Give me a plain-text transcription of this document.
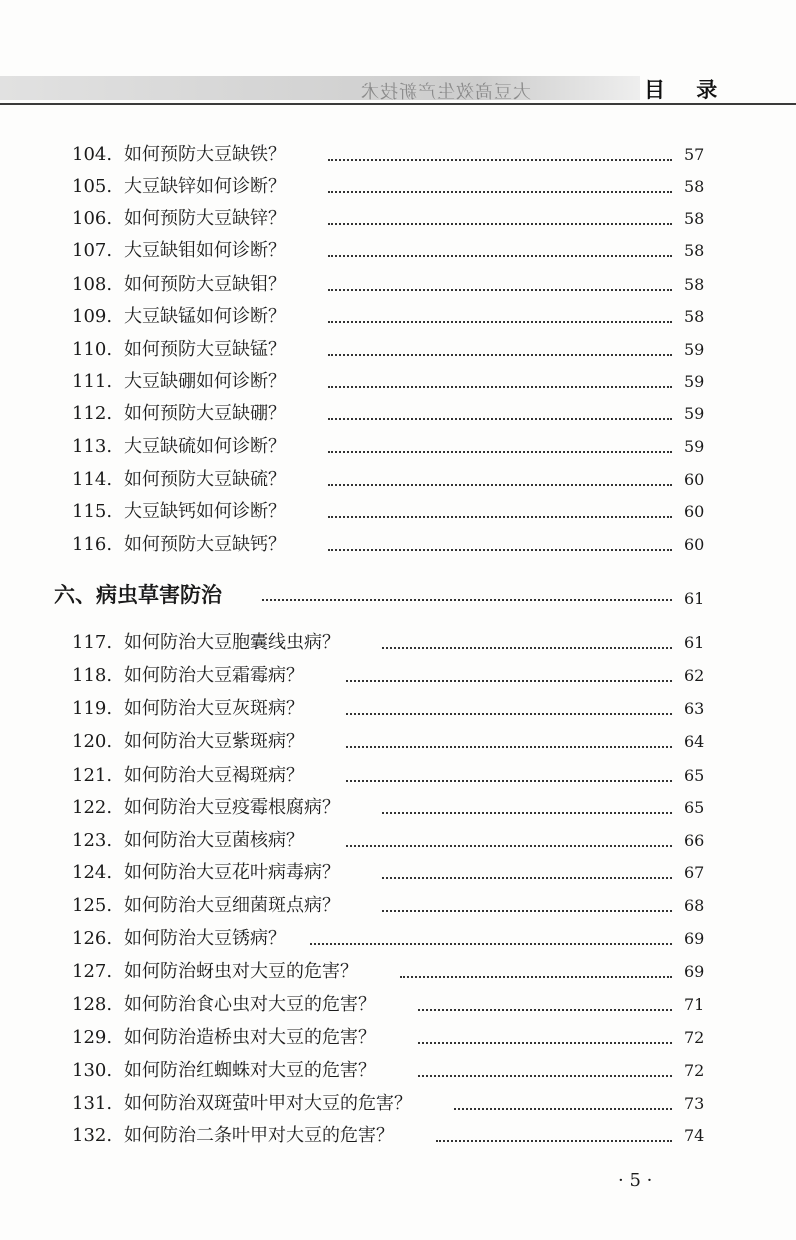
大豆高效生产新技术	目 录
104. 如何预防大豆缺铁？	57
105. 大豆缺锌如何诊断？	58
106. 如何预防大豆缺锌？	58
107. 大豆缺钼如何诊断？	58
108. 如何预防大豆缺钼？	58
109. 大豆缺锰如何诊断？	58
110. 如何预防大豆缺锰？	59
111. 大豆缺硼如何诊断？	59
112. 如何预防大豆缺硼？	59
113. 大豆缺硫如何诊断？	59
114. 如何预防大豆缺硫？	60
115. 大豆缺钙如何诊断？	60
116. 如何预防大豆缺钙？	60
六、病虫草害防治	61
117. 如何防治大豆胞囊线虫病？	61
118. 如何防治大豆霜霉病？	62
119. 如何防治大豆灰斑病？	63
120. 如何防治大豆紫斑病？	64
121. 如何防治大豆褐斑病？	65
122. 如何防治大豆疫霉根腐病？	65
123. 如何防治大豆菌核病？	66
124. 如何防治大豆花叶病毒病？	67
125. 如何防治大豆细菌斑点病？	68
126. 如何防治大豆锈病？	69
127. 如何防治蚜虫对大豆的危害？	69
128. 如何防治食心虫对大豆的危害？	71
129. 如何防治造桥虫对大豆的危害？	72
130. 如何防治红蜘蛛对大豆的危害？	72
131. 如何防治双斑萤叶甲对大豆的危害？	73
132. 如何防治二条叶甲对大豆的危害？	74
· 5 ·
